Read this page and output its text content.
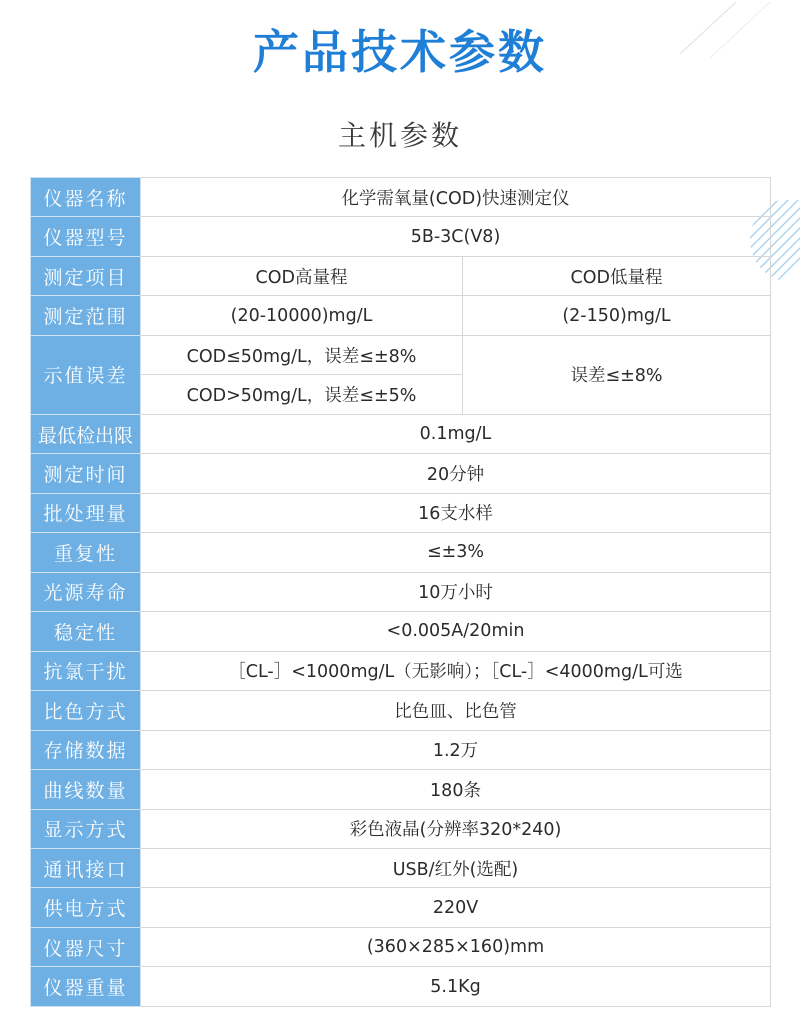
产品技术参数
主机参数
仪器名称	化学需氧量(COD)快速测定仪	
仪器型号	5B-3C(V8)	
测定项目	COD高量程	COD低量程
测定范围	(20-10000)mg/L	(2-150)mg/L
示值误差	COD≤50mg/L，误差≤±8%	误差≤±8%
	COD>50mg/L，误差≤±5%	
最低检出限	0.1mg/L	
测定时间	20分钟	
批处理量	16支水样	
重复性	≤±3%	
光源寿命	10万小时	
稳定性	<0.005A/20min	
抗氯干扰	［CL-］<1000mg/L（无影响）；［CL-］<4000mg/L可选	
比色方式	比色皿、比色管	
存储数据	1.2万	
曲线数量	180条	
显示方式	彩色液晶(分辨率320*240)	
通讯接口	USB/红外(选配)	
供电方式	220V	
仪器尺寸	(360×285×160)mm	
仪器重量	5.1Kg	
